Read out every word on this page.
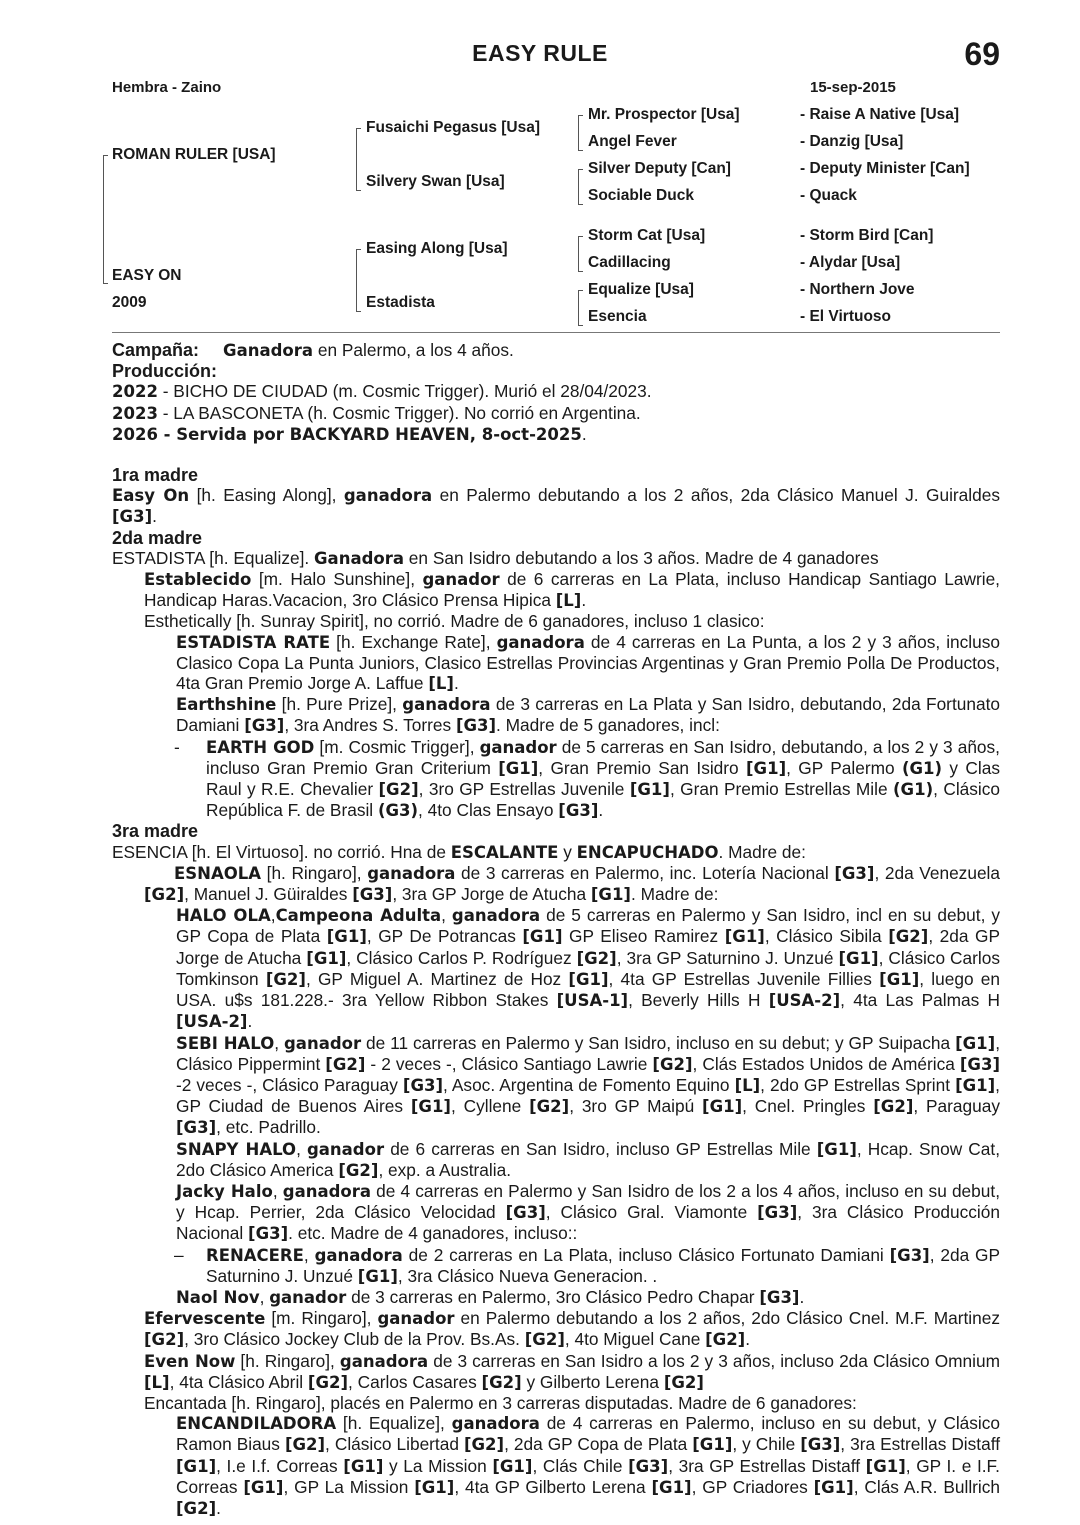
EASY RULE	69
Hembra - Zaino	15-sep-2015
ROMAN RULER [USA]
EASY ON
2009
Fusaichi Pegasus [Usa]
Silvery Swan [Usa]
Easing Along [Usa]
Estadista
Mr. Prospector [Usa]
Angel Fever
Silver Deputy [Can]
Sociable Duck
Storm Cat [Usa]
Cadillacing
Equalize [Usa]
Esencia
- Raise A Native [Usa]
- Danzig [Usa]
- Deputy Minister [Can]
- Quack
- Storm Bird [Can]
- Alydar [Usa]
- Northern Jove
- El Virtuoso

Campaña: Ganadora en Palermo, a los 4 años.

Producción:

2022 - BICHO DE CIUDAD (m. Cosmic Trigger). Murió el 28/04/2023.

2023 - LA BASCONETA (h. Cosmic Trigger). No corrió en Argentina.

2026 - Servida por BACKYARD HEAVEN, 8-oct-2025.

1ra madre

Easy On [h. Easing Along], ganadora en Palermo debutando a los 2 años, 2da Clásico Manuel J. Guiraldes [G3].

2da madre

ESTADISTA [h. Equalize]. Ganadora en San Isidro debutando a los 3 años. Madre de 4 ganadores

Establecido [m. Halo Sunshine], ganador de 6 carreras en La Plata, incluso Handicap Santiago Lawrie, Handicap Haras.Vacacion, 3ro Clásico Prensa Hipica [L].
Esthetically [h. Sunray Spirit], no corrió. Madre de 6 ganadores, incluso 1 clasico:
ESTADISTA RATE [h. Exchange Rate], ganadora de 4 carreras en La Punta, a los 2 y 3 años, incluso Clasico Copa La Punta Juniors, Clasico Estrellas Provincias Argentinas y Gran Premio Polla De Productos, 4ta Gran Premio Jorge A. Laffue [L].
Earthshine [h. Pure Prize], ganadora de 3 carreras en La Plata y San Isidro, debutando, 2da Fortunato Damiani [G3], 3ra Andres S. Torres [G3]. Madre de 5 ganadores, incl:
- EARTH GOD [m. Cosmic Trigger], ganador de 5 carreras en San Isidro, debutando, a los 2 y 3 años, incluso Gran Premio Gran Criterium [G1], Gran Premio San Isidro [G1], GP Palermo (G1) y Clas Raul y R.E. Chevalier [G2], 3ro GP Estrellas Juvenile [G1], Gran Premio Estrellas Mile (G1), Clásico República F. de Brasil (G3), 4to Clas Ensayo [G3].

3ra madre

ESENCIA [h. El Virtuoso]. no corrió. Hna de ESCALANTE y ENCAPUCHADO. Madre de:

ESNAOLA [h. Ringaro], ganadora de 3 carreras en Palermo, inc. Lotería Nacional [G3], 2da Venezuela [G2], Manuel J. Güiraldes [G3], 3ra GP Jorge de Atucha [G1]. Madre de:
HALO OLA,Campeona Adulta, ganadora de 5 carreras en Palermo y San Isidro, incl en su debut, y GP Copa de Plata [G1], GP De Potrancas [G1] GP Eliseo Ramirez [G1], Clásico Sibila [G2], 2da GP Jorge de Atucha [G1], Clásico Carlos P. Rodríguez [G2], 3ra GP Saturnino J. Unzué [G1], Clásico Carlos Tomkinson [G2], GP Miguel A. Martinez de Hoz [G1], 4ta GP Estrellas Juvenile Fillies [G1], luego en USA. u$s 181.228.- 3ra Yellow Ribbon Stakes [USA-1], Beverly Hills H [USA-2], 4ta Las Palmas H [USA-2].
SEBI HALO, ganador de 11 carreras en Palermo y San Isidro, incluso en su debut; y GP Suipacha [G1], Clásico Pippermint [G2] - 2 veces -, Clásico Santiago Lawrie [G2], Clás Estados Unidos de América [G3] -2 veces -, Clásico Paraguay [G3], Asoc. Argentina de Fomento Equino [L], 2do GP Estrellas Sprint [G1], GP Ciudad de Buenos Aires [G1], Cyllene [G2], 3ro GP Maipú [G1], Cnel. Pringles [G2], Paraguay [G3], etc. Padrillo.
SNAPY HALO, ganador de 6 carreras en San Isidro, incluso GP Estrellas Mile [G1], Hcap. Snow Cat, 2do Clásico America [G2], exp. a Australia.
Jacky Halo, ganadora de 4 carreras en Palermo y San Isidro de los 2 a los 4 años, incluso en su debut, y Hcap. Perrier, 2da Clásico Velocidad [G3], Clásico Gral. Viamonte [G3], 3ra Clásico Producción Nacional [G3]. etc. Madre de 4 ganadores, incluso::
– RENACERE, ganadora de 2 carreras en La Plata, incluso Clásico Fortunato Damiani [G3], 2da GP Saturnino J. Unzué [G1], 3ra Clásico Nueva Generacion. .
Naol Nov, ganador de 3 carreras en Palermo, 3ro Clásico Pedro Chapar [G3].
Efervescente [m. Ringaro], ganador en Palermo debutando a los 2 años, 2do Clásico Cnel. M.F. Martinez [G2], 3ro Clásico Jockey Club de la Prov. Bs.As. [G2], 4to Miguel Cane [G2].
Even Now [h. Ringaro], ganadora de 3 carreras en San Isidro a los 2 y 3 años, incluso 2da Clásico Omnium [L], 4ta Clásico Abril [G2], Carlos Casares [G2] y Gilberto Lerena [G2]
Encantada [h. Ringaro], placés en Palermo en 3 carreras disputadas. Madre de 6 ganadores:
ENCANDILADORA [h. Equalize], ganadora de 4 carreras en Palermo, incluso en su debut, y Clásico Ramon Biaus [G2], Clásico Libertad [G2], 2da GP Copa de Plata [G1], y Chile [G3], 3ra Estrellas Distaff [G1], I.e I.f. Correas [G1] y La Mission [G1], Clás Chile [G3], 3ra GP Estrellas Distaff [G1], GP I. e I.F. Correas [G1], GP La Mission [G1], 4ta GP Gilberto Lerena [G1], GP Criadores [G1], Clás A.R. Bullrich [G2].
